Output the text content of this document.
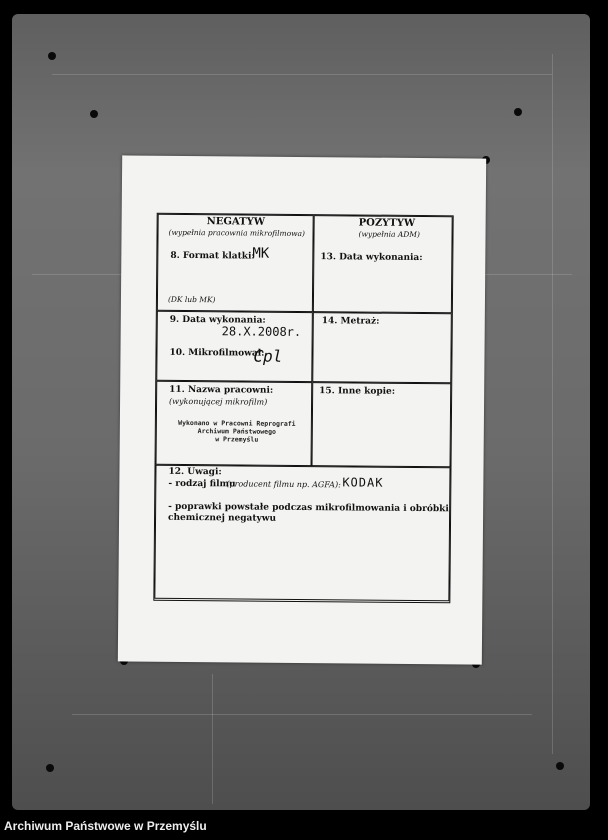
NEGATYW
(wypełnia pracownia mikrofilmowa)
8. Format klatki:
MK
(DK lub MK)
POZYTYW
(wypełnia ADM)
13. Data wykonania:
9. Data wykonania:
28.X.2008r.
10. Mikrofilmował:
Cpl
14. Metraż:
11. Nazwa pracowni:
(wykonującej mikrofilm)
Wykonano w Pracowni Reprografi
Archiwum Państwowego
w Przemyślu
15. Inne kopie:
12. Uwagi:
- rodzaj filmu
(producent filmu np. AGFA): KODAK
- poprawki powstałe podczas mikrofilmowania i obróbki
chemicznej negatywu
Archiwum Państwowe w Przemyślu
